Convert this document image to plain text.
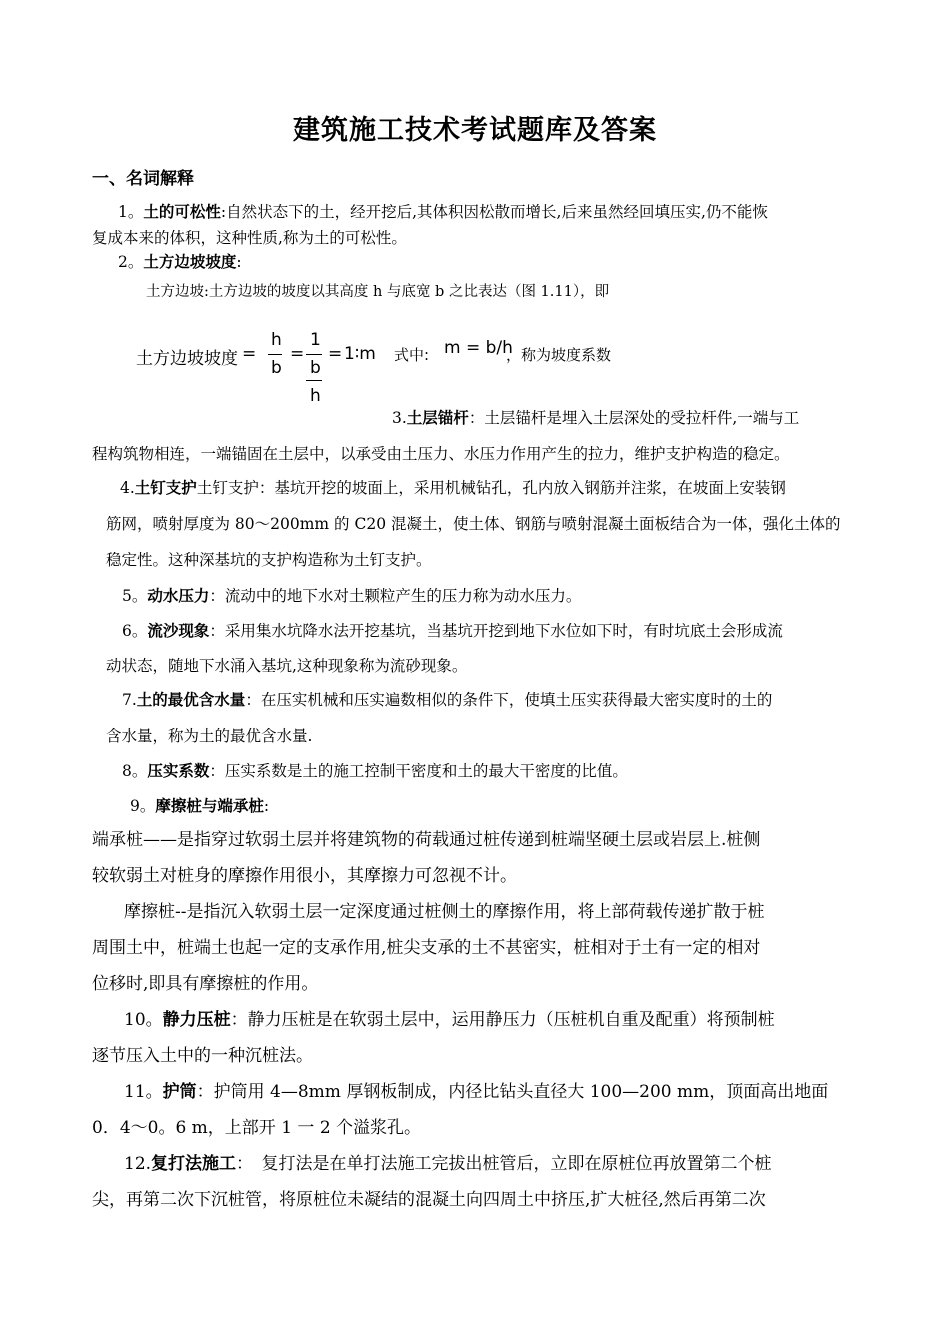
建筑施工技术考试题库及答案
一、名词解释
1。土的可松性:自然状态下的土，经开挖后,其体积因松散而增长,后来虽然经回填压实,仍不能恢
复成本来的体积，这种性质,称为土的可松性。
2。土方边坡坡度:
土方边坡:土方边坡的坡度以其高度 h 与底宽 b 之比表达（图 1.11），即
土方边坡坡度 =
h
b
=
1
b
h
= 1∶m 式中: m = b/h
，称为坡度系数
3.土层锚杆：土层锚杆是埋入土层深处的受拉杆件,一端与工
程构筑物相连，一端锚固在土层中，以承受由土压力、水压力作用产生的拉力，维护支护构造的稳定。
4.土钉支护土钉支护：基坑开挖的坡面上，采用机械钻孔，孔内放入钢筋并注浆，在坡面上安装钢
筋网，喷射厚度为 80～200mm 的 C20 混凝土，使土体、钢筋与喷射混凝土面板结合为一体，强化土体的
稳定性。这种深基坑的支护构造称为土钉支护。
5。动水压力：流动中的地下水对土颗粒产生的压力称为动水压力。
6。流沙现象：采用集水坑降水法开挖基坑，当基坑开挖到地下水位如下时，有时坑底土会形成流
动状态，随地下水涌入基坑,这种现象称为流砂现象。
7.土的最优含水量：在压实机械和压实遍数相似的条件下，使填土压实获得最大密实度时的土的
含水量，称为土的最优含水量.
8。压实系数：压实系数是土的施工控制干密度和土的最大干密度的比值。
9。摩擦桩与端承桩:
端承桩——是指穿过软弱土层并将建筑物的荷载通过桩传递到桩端坚硬土层或岩层上.桩侧
较软弱土对桩身的摩擦作用很小，其摩擦力可忽视不计。
摩擦桩--是指沉入软弱土层一定深度通过桩侧土的摩擦作用，将上部荷载传递扩散于桩
周围土中，桩端土也起一定的支承作用,桩尖支承的土不甚密实，桩相对于土有一定的相对
位移时,即具有摩擦桩的作用。
10。静力压桩：静力压桩是在软弱土层中，运用静压力（压桩机自重及配重）将预制桩
逐节压入土中的一种沉桩法。
11。护筒：护筒用 4—8mm 厚钢板制成，内径比钻头直径大 100—200 mm，顶面高出地面
0．4～0。6 m，上部开 1 一 2 个溢浆孔。
12.复打法施工：　复打法是在单打法施工完拔出桩管后，立即在原桩位再放置第二个桩
尖，再第二次下沉桩管，将原桩位未凝结的混凝土向四周土中挤压,扩大桩径,然后再第二次
